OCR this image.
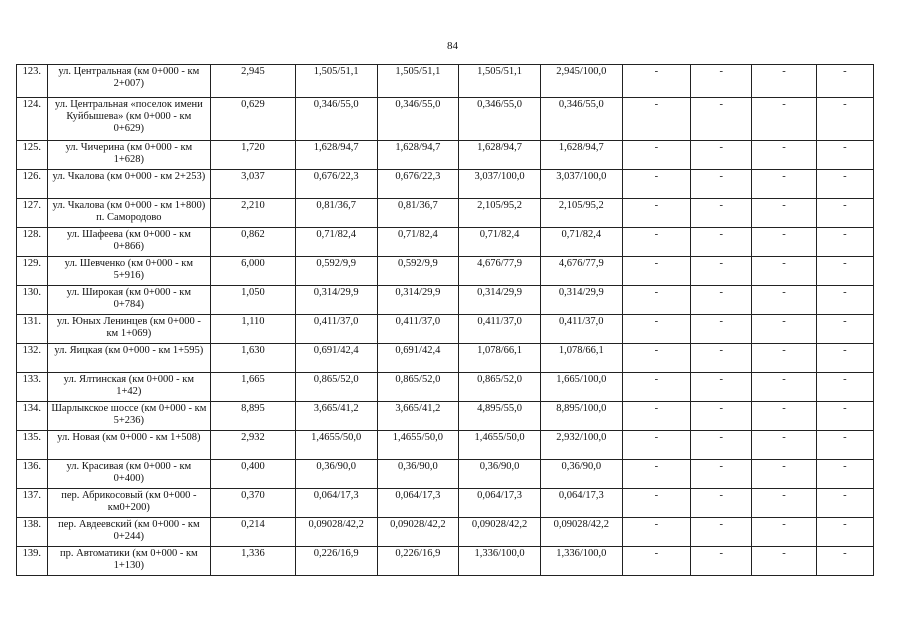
84
123.	ул. Центральная (км 0+000 - км 2+007)	2,945	1,505/51,1	1,505/51,1	1,505/51,1	2,945/100,0	-	-	-	-
124.	ул. Центральная «поселок имени Куйбышева» (км 0+000 - км 0+629)	0,629	0,346/55,0	0,346/55,0	0,346/55,0	0,346/55,0	-	-	-	-
125.	ул. Чичерина (км 0+000 - км 1+628)	1,720	1,628/94,7	1,628/94,7	1,628/94,7	1,628/94,7	-	-	-	-
126.	ул. Чкалова (км 0+000 - км 2+253)	3,037	0,676/22,3	0,676/22,3	3,037/100,0	3,037/100,0	-	-	-	-
127.	ул. Чкалова (км 0+000 - км 1+800) п. Самородово	2,210	0,81/36,7	0,81/36,7	2,105/95,2	2,105/95,2	-	-	-	-
128.	ул. Шафеева (км 0+000 - км 0+866)	0,862	0,71/82,4	0,71/82,4	0,71/82,4	0,71/82,4	-	-	-	-
129.	ул. Шевченко (км 0+000 - км 5+916)	6,000	0,592/9,9	0,592/9,9	4,676/77,9	4,676/77,9	-	-	-	-
130.	ул. Широкая (км 0+000 - км 0+784)	1,050	0,314/29,9	0,314/29,9	0,314/29,9	0,314/29,9	-	-	-	-
131.	ул. Юных Ленинцев (км 0+000 - км 1+069)	1,110	0,411/37,0	0,411/37,0	0,411/37,0	0,411/37,0	-	-	-	-
132.	ул. Яицкая (км 0+000 - км 1+595)	1,630	0,691/42,4	0,691/42,4	1,078/66,1	1,078/66,1	-	-	-	-
133.	ул. Ялтинская (км 0+000 - км 1+42)	1,665	0,865/52,0	0,865/52,0	0,865/52,0	1,665/100,0	-	-	-	-
134.	Шарлыкское шоссе (км 0+000 - км 5+236)	8,895	3,665/41,2	3,665/41,2	4,895/55,0	8,895/100,0	-	-	-	-
135.	ул. Новая (км 0+000 - км 1+508)	2,932	1,4655/50,0	1,4655/50,0	1,4655/50,0	2,932/100,0	-	-	-	-
136.	ул. Красивая (км 0+000 - км 0+400)	0,400	0,36/90,0	0,36/90,0	0,36/90,0	0,36/90,0	-	-	-	-
137.	пер. Абрикосовый (км 0+000 - км0+200)	0,370	0,064/17,3	0,064/17,3	0,064/17,3	0,064/17,3	-	-	-	-
138.	пер. Авдеевский (км 0+000 - км 0+244)	0,214	0,09028/42,2	0,09028/42,2	0,09028/42,2	0,09028/42,2	-	-	-	-
139.	пр. Автоматики (км 0+000 - км 1+130)	1,336	0,226/16,9	0,226/16,9	1,336/100,0	1,336/100,0	-	-	-	-
